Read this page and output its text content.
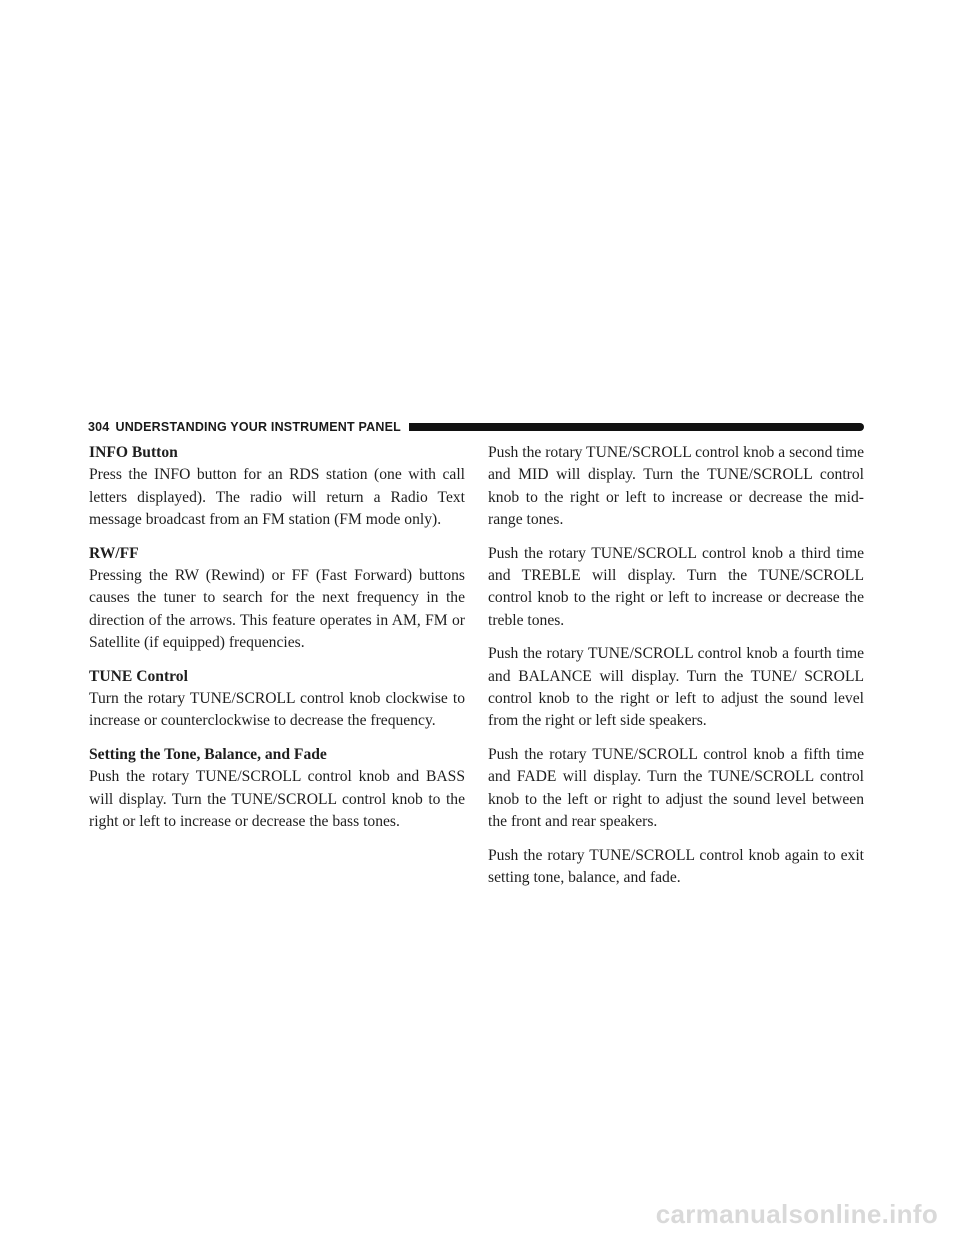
304 UNDERSTANDING YOUR INSTRUMENT PANEL
INFO Button

Press the INFO button for an RDS station (one with call letters displayed). The radio will return a Radio Text message broadcast from an FM station (FM mode only).

RW/FF

Pressing the RW (Rewind) or FF (Fast Forward) buttons causes the tuner to search for the next frequency in the direction of the arrows. This feature operates in AM, FM or Satellite (if equipped) frequencies.

TUNE Control

Turn the rotary TUNE/SCROLL control knob clockwise to increase or counterclockwise to decrease the frequency.

Setting the Tone, Balance, and Fade

Push the rotary TUNE/SCROLL control knob and BASS will display. Turn the TUNE/SCROLL control knob to the right or left to increase or decrease the bass tones.

Push the rotary TUNE/SCROLL control knob a second time and MID will display. Turn the TUNE/SCROLL control knob to the right or left to increase or decrease the mid-range tones.

Push the rotary TUNE/SCROLL control knob a third time and TREBLE will display. Turn the TUNE/SCROLL control knob to the right or left to increase or decrease the treble tones.

Push the rotary TUNE/SCROLL control knob a fourth time and BALANCE will display. Turn the TUNE/ SCROLL control knob to the right or left to adjust the sound level from the right or left side speakers.

Push the rotary TUNE/SCROLL control knob a fifth time and FADE will display. Turn the TUNE/SCROLL control knob to the left or right to adjust the sound level between the front and rear speakers.

Push the rotary TUNE/SCROLL control knob again to exit setting tone, balance, and fade.

carmanualsonline.info
